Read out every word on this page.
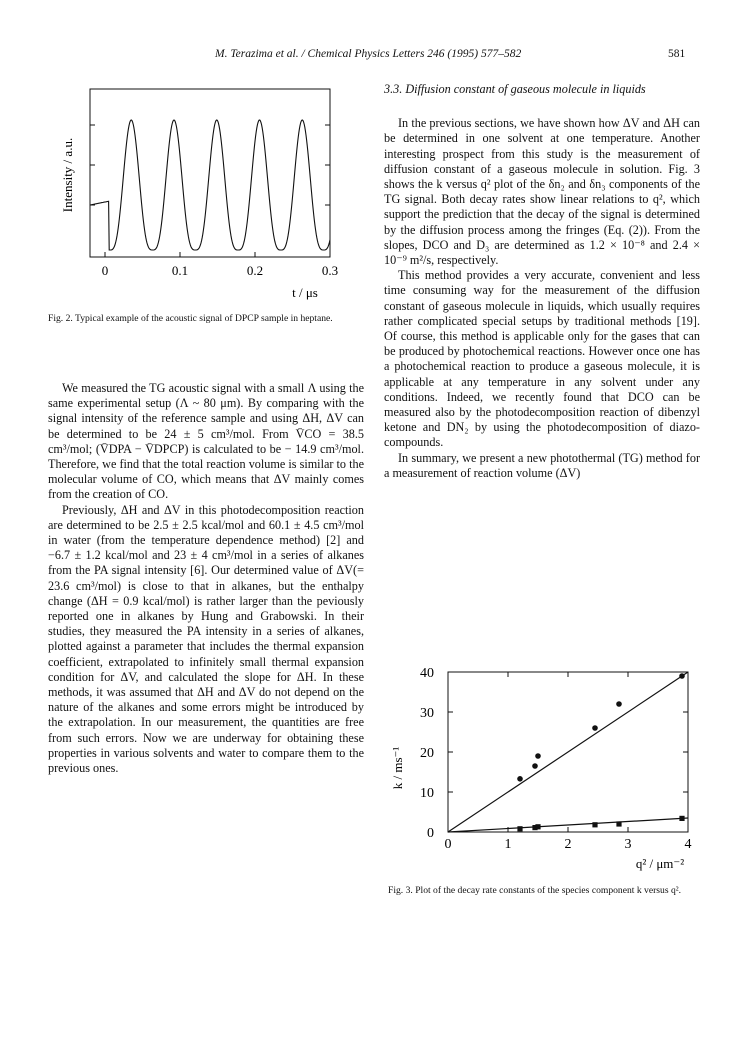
M. Terazima et al. / Chemical Physics Letters 246 (1995) 577–582	581
Intensity / a.u.
0	0.1	0.2	0.3
t / μs
Fig. 2. Typical example of the acoustic signal of DPCP sample in heptane.

We measured the TG acoustic signal with a small Λ using the same experimental setup (Λ ~ 80 μm). By comparing with the signal intensity of the reference sample and using ΔH, ΔV can be determined to be 24 ± 5 cm³/mol. From V̄CO = 38.5 cm³/mol; (V̄DPA − V̄DPCP) is calculated to be − 14.9 cm³/mol. Therefore, we find that the total reaction volume is similar to the molecular volume of CO, which means that ΔV mainly comes from the creation of CO.

Previously, ΔH and ΔV in this photodecomposition reaction are determined to be 2.5 ± 2.5 kcal/mol and 60.1 ± 4.5 cm³/mol in water (from the temperature dependence method) [2] and −6.7 ± 1.2 kcal/mol and 23 ± 4 cm³/mol in a series of alkanes from the PA signal intensity [6]. Our determined value of ΔV(= 23.6 cm³/mol) is close to that in alkanes, but the enthalpy change (ΔH = 0.9 kcal/mol) is rather larger than the peviously reported one in alkanes by Hung and Grabowski. In their studies, they measured the PA intensity in a series of alkanes, plotted against a parameter that includes the thermal expansion coefficient, extrapolated to infinitely small thermal expansion condition for ΔV, and calculated the slope for ΔH. In these methods, it was assumed that ΔH and ΔV do not depend on the nature of the alkanes and some errors might be introduced by the extrapolation. In our measurement, the quantities are free from such errors. Now we are underway for obtaining these properties in various solvents and water to compare them to the previous ones.

3.3. Diffusion constant of gaseous molecule in liquids

In the previous sections, we have shown how ΔV and ΔH can be determined in one solvent at one temperature. Another interesting prospect from this study is the measurement of diffusion constant of a gaseous molecule in solution. Fig. 3 shows the k versus q² plot of the δn₂ and δn₃ components of the TG signal. Both decay rates show linear relations to q², which support the prediction that the decay of the signal is determined by the diffusion process among the fringes (Eq. (2)). From the slopes, DCO and D₃ are determined as 1.2 × 10⁻⁸ and 2.4 × 10⁻⁹ m²/s, respectively.

This method provides a very accurate, convenient and less time consuming way for the measurement of the diffusion constant of gaseous molecule in liquids, which usually requires rather complicated special setups by traditional methods [19]. Of course, this method is applicable only for the gases that can be produced by photochemical reactions. However once one has a photochemical reaction to produce a gaseous molecule, it is applicable at any temperature in any solvent under any conditions. Indeed, we recently found that DCO can be measured also by the photodecomposition reaction of dibenzyl ketone and DN₂ by using the photodecomposition of diazo-compounds.

In summary, we present a new photothermal (TG) method for a measurement of reaction volume (ΔV)

0
10
20
30
40
0	1	2	3	4
k / ms⁻¹
q² / μm⁻²
Fig. 3. Plot of the decay rate constants of the species component k versus q².
